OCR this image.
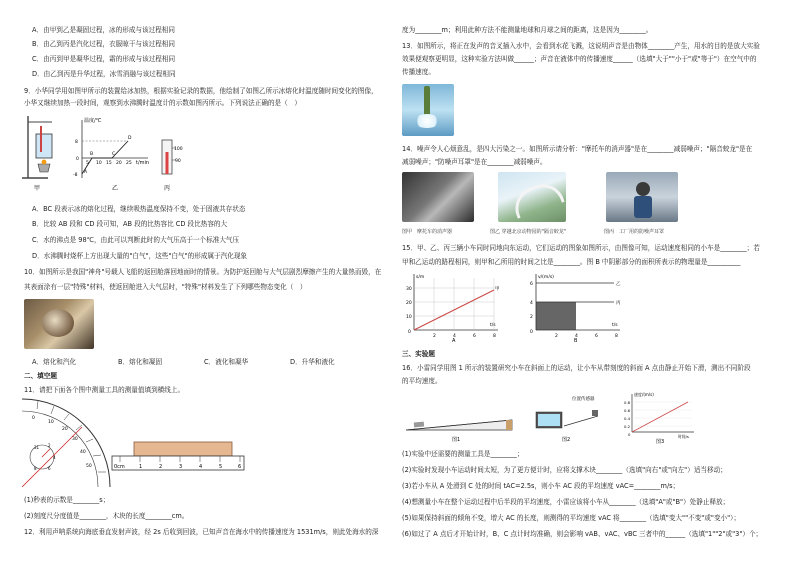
A．由甲到乙是凝固过程，冰的形成与该过程相同
B．由乙到丙是汽化过程，衣服晾干与该过程相同
C．由丙到甲是凝华过程，霜的形成与该过程相同
D．由乙到丙是升华过程，冰雪消融与该过程相同
9．小华同学用如图甲所示的装置给冰加热，根据实验记录的数据，他绘制了如图乙所示冰熔化时温度随时间变化的图像，
小华又继续加热一段时间，观察到水沸腾时温度计的示数如图丙所示。下列说法正确的是（　）
甲
温度/℃
t/min
8
0
-8
5 10 15 20 25
A
B	C
D
乙
100
90
丙
A．BC 段表示冰的熔化过程，继续吸热温度保持不变，处于固液共存状态
B．比较 AB 段和 CD 段可知，AB 段的比热容比 CD 段比热容的大
C．水的沸点是 98℃，由此可以判断此时的大气压高于一个标准大气压
D．水沸腾时烧杯上方出现大量的"白气"，这些"白气"的形成属于汽化现象
10．如图所示是我国"神舟"号载人飞船的返回舱落回地面时的情景。为防护返回舱与大气层剧烈摩擦产生的大量热而毁，在
其表面涂有一层"特殊"材料，使返回舱进入大气层时，"特殊"材料发生了下列哪些物态变化（　）
A．熔化和汽化	B．熔化和凝固	C．液化和凝华	D．升华和液化
二、填空题
11．请把下面各个图中测量工具的测量值填到横线上。
0
10
20
30
40
50
31 2
4
6
8	0cm	1	2	3	4	5	6
(1)秒表的示数是________s；
(2)刻度尺分度值是________，木块的长度________cm。
12．利用声呐系统向海底垂直发射声波，经 2s 后收到回波，已知声音在海水中的传播速度为 1531m/s，则此处海水的深
度为________m；利用此种方法不能测量地球和月球之间的距离，这是因为________。
13．如图所示，将正在发声的音叉插入水中，会看到水花飞溅，这说明声音是由物体________产生，用水的目的是放大实验
效果便观察更明显，这种实验方法叫做______；声音在液体中的传播速度______（选填"大于""小于"或"等于"）在空气中的
传播速度。
14．噪声令人心烦意乱，是四大污染之一。如图所示请分析："摩托车的消声器"是在________减弱噪声；"隔音蛟龙"是在
减弱噪声；"防噪声耳罩"是在________减弱噪声。
图甲　摩托车的消声器	图乙 穿越北京动物园的"隔音蛟龙"	图丙　工厂用的防噪声耳罩
15．甲、乙、丙三辆小车同时同地向东运动，它们运动的图象如图所示，由图像可知，运动速度相同的小车是________；若
甲和乙运动的路程相同，则甲和乙所用的时间之比是________。图 B 中阴影部分的面积所表示的物理量是__________
s/m
t/s
0
10
20
30
2	4	6	8
甲
A
v/(m/s)
t/s
0
2
4
6
2	4	6	8
乙
丙
B
三、实验题
16．小雷同学用图 1 所示的装置研究小车在斜面上的运动，让小车从带刻度的斜面 A 点由静止开始下滑，测出不同阶段
的平均速度。
图1
位置传感器
图2
速度/(m/s)
0.8
0.6
0.4
0.2
0	时间/s
图3
(1)实验中还需要的测量工具是________；
(2)实验时发现小车运动时间太短，为了更方便计时，应将支撑木块________（选填"向右"或"向左"）适当移动；
(3)若小车从 A 处滑到 C 处的时间 tAC=2.5s，则小车 AC 段的平均速度 vAC=________m/s；
(4)想测量小车在整个运动过程中后半段的平均速度，小雷应该将小车从________（选填"A"或"B"）处静止释放；
(5)如果保持斜面的倾角不变，增大 AC 的长度，则测得的平均速度 vAC 将________（选填"变大""不变"或"变小"）；
(6)如过了 A 点后才开始计时，B、C 点计时均准确，则会影响 vAB、vAC、vBC 三者中的______（选填"1""2"或"3"）个；
